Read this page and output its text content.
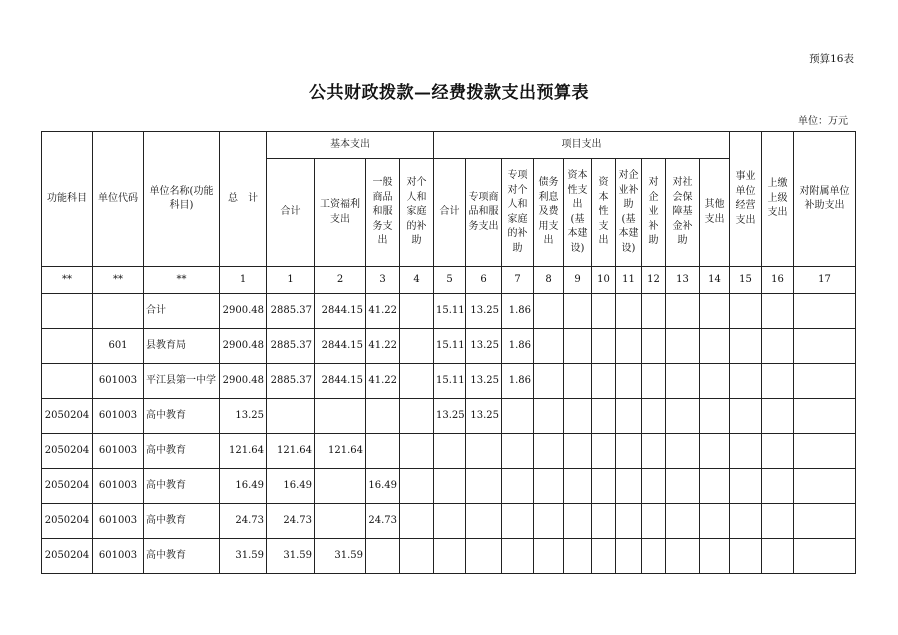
预算16表
公共财政拨款—经费拨款支出预算表
单位：万元
功能科目	单位代码	单位名称(功能科目)	总　计	基本支出				项目支出										事业单位经营支出	上缴上级支出	对附属单位补助支出
				合计	工资福利支出	一般商品和服务支出	对个人和家庭的补助	合计	专项商品和服务支出	专项对个人和家庭的补助	债务利息及费用支出	资本性支出(基本建设)	资本性支出	对企业补助(基本建设)	对企业补助	对社会保障基金补助	其他支出			
**	**	**	1	1	2	3	4	5	6	7	8	9	10	11	12	13	14	15	16	17
		合计	2900.48	2885.37	2844.15	41.22		15.11	13.25	1.86										
	601	县教育局	2900.48	2885.37	2844.15	41.22		15.11	13.25	1.86										
	601003	平江县第一中学	2900.48	2885.37	2844.15	41.22		15.11	13.25	1.86										
2050204	601003	高中教育	13.25					13.25	13.25											
2050204	601003	高中教育	121.64	121.64	121.64															
2050204	601003	高中教育	16.49	16.49		16.49														
2050204	601003	高中教育	24.73	24.73		24.73														
2050204	601003	高中教育	31.59	31.59	31.59															
